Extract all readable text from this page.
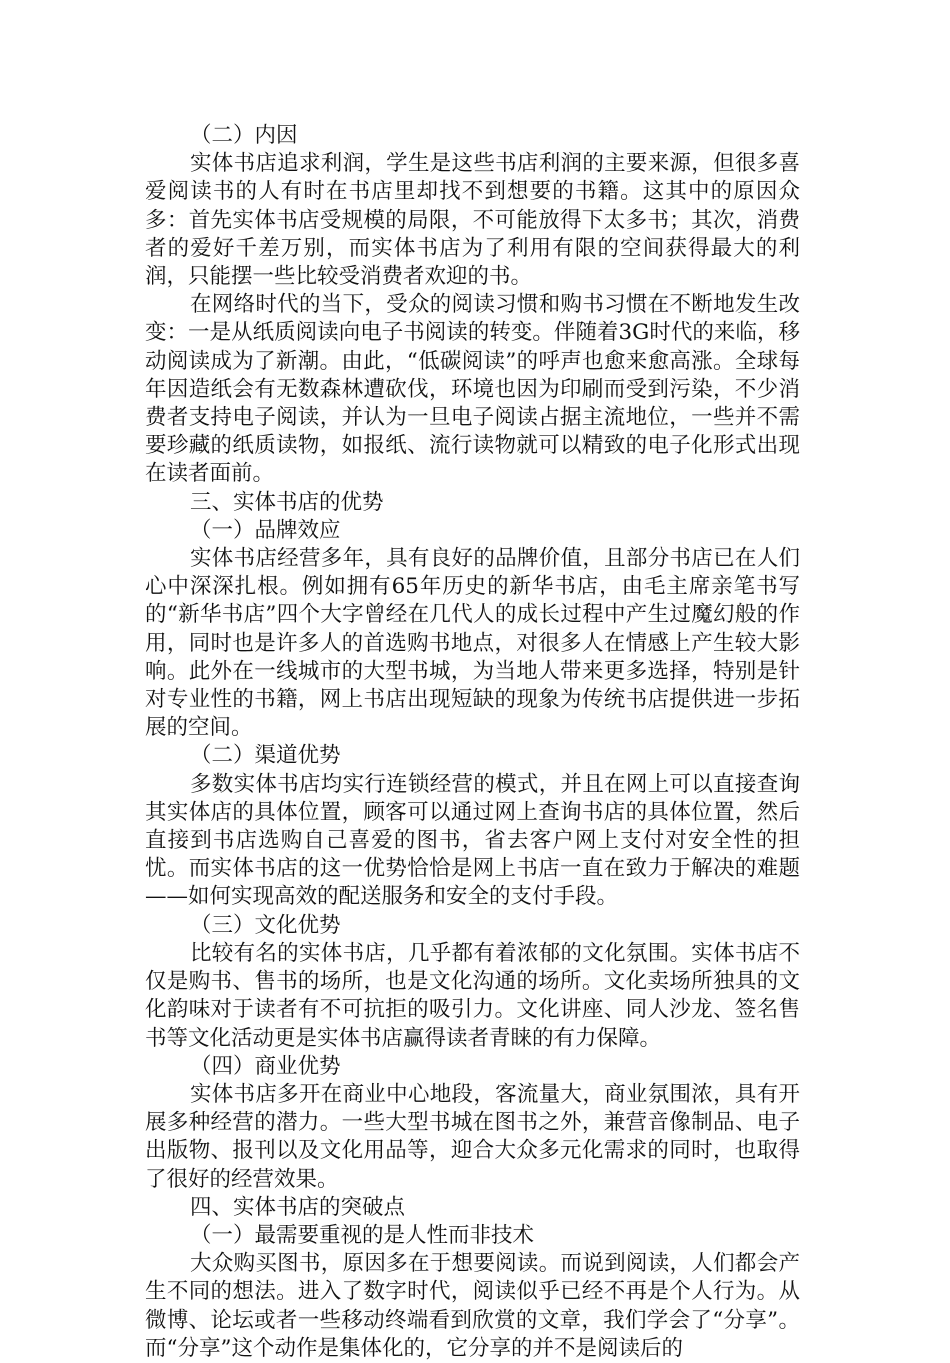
（二）内因

实体书店追求利润，学生是这些书店利润的主要来源，但很多喜爱阅读书的人有时在书店里却找不到想要的书籍。这其中的原因众多：首先实体书店受规模的局限，不可能放得下太多书；其次，消费者的爱好千差万别，而实体书店为了利用有限的空间获得最大的利润，只能摆一些比较受消费者欢迎的书。

在网络时代的当下，受众的阅读习惯和购书习惯在不断地发生改变：一是从纸质阅读向电子书阅读的转变。伴随着3G时代的来临，移动阅读成为了新潮。由此，“低碳阅读”的呼声也愈来愈高涨。全球每年因造纸会有无数森林遭砍伐，环境也因为印刷而受到污染，不少消费者支持电子阅读，并认为一旦电子阅读占据主流地位，一些并不需要珍藏的纸质读物，如报纸、流行读物就可以精致的电子化形式出现在读者面前。

三、实体书店的优势

（一）品牌效应

实体书店经营多年，具有良好的品牌价值，且部分书店已在人们心中深深扎根。例如拥有65年历史的新华书店，由毛主席亲笔书写的“新华书店”四个大字曾经在几代人的成长过程中产生过魔幻般的作用，同时也是许多人的首选购书地点，对很多人在情感上产生较大影响。此外在一线城市的大型书城，为当地人带来更多选择，特别是针对专业性的书籍，网上书店出现短缺的现象为传统书店提供进一步拓展的空间。

（二）渠道优势

多数实体书店均实行连锁经营的模式，并且在网上可以直接查询其实体店的具体位置，顾客可以通过网上查询书店的具体位置，然后直接到书店选购自己喜爱的图书，省去客户网上支付对安全性的担忧。而实体书店的这一优势恰恰是网上书店一直在致力于解决的难题——如何实现高效的配送服务和安全的支付手段。

（三）文化优势

比较有名的实体书店，几乎都有着浓郁的文化氛围。实体书店不仅是购书、售书的场所，也是文化沟通的场所。文化卖场所独具的文化韵味对于读者有不可抗拒的吸引力。文化讲座、同人沙龙、签名售书等文化活动更是实体书店赢得读者青睐的有力保障。

（四）商业优势

实体书店多开在商业中心地段，客流量大，商业氛围浓，具有开展多种经营的潜力。一些大型书城在图书之外，兼营音像制品、电子出版物、报刊以及文化用品等，迎合大众多元化需求的同时，也取得了很好的经营效果。

四、实体书店的突破点

（一）最需要重视的是人性而非技术

大众购买图书，原因多在于想要阅读。而说到阅读，人们都会产生不同的想法。进入了数字时代，阅读似乎已经不再是个人行为。从微博、论坛或者一些移动终端看到欣赏的文章，我们学会了“分享”。而“分享”这个动作是集体化的，它分享的并不是阅读后的
